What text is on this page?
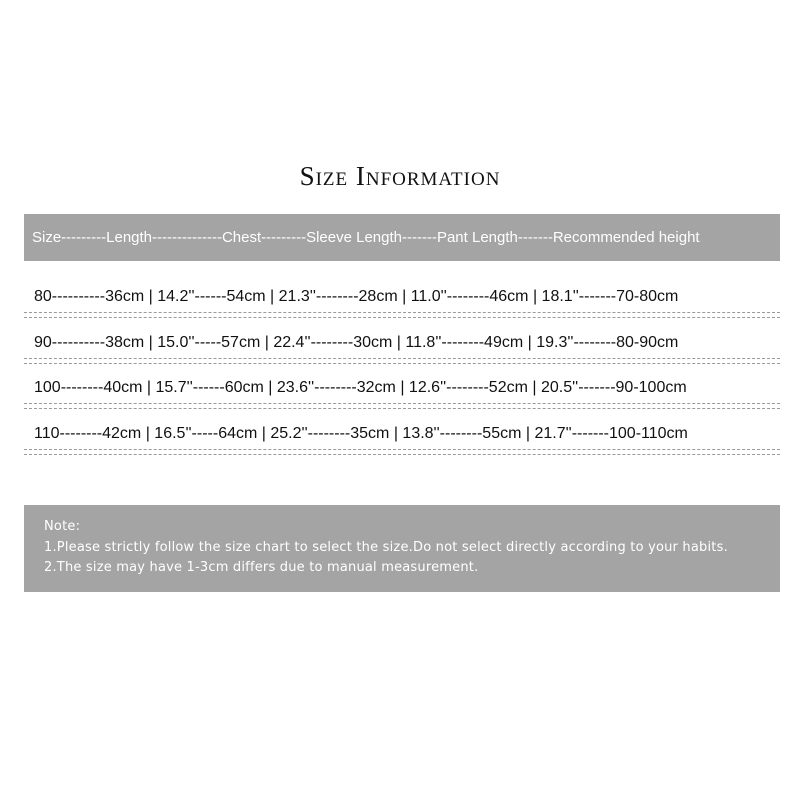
Size Information
Size---------Length--------------Chest---------Sleeve Length-------Pant Length-------Recommended height
80----------36cm | 14.2''------54cm | 21.3''--------28cm | 11.0''--------46cm | 18.1''-------70-80cm
90----------38cm | 15.0''-----57cm | 22.4''--------30cm | 11.8''--------49cm | 19.3''--------80-90cm
100--------40cm | 15.7''------60cm | 23.6''--------32cm | 12.6''--------52cm | 20.5''-------90-100cm
110--------42cm | 16.5''-----64cm | 25.2''--------35cm | 13.8''--------55cm | 21.7''-------100-110cm
Note:
1.Please strictly follow the size chart to select the size.Do not select directly according to your habits.
2.The size may have 1-3cm differs due to manual measurement.
